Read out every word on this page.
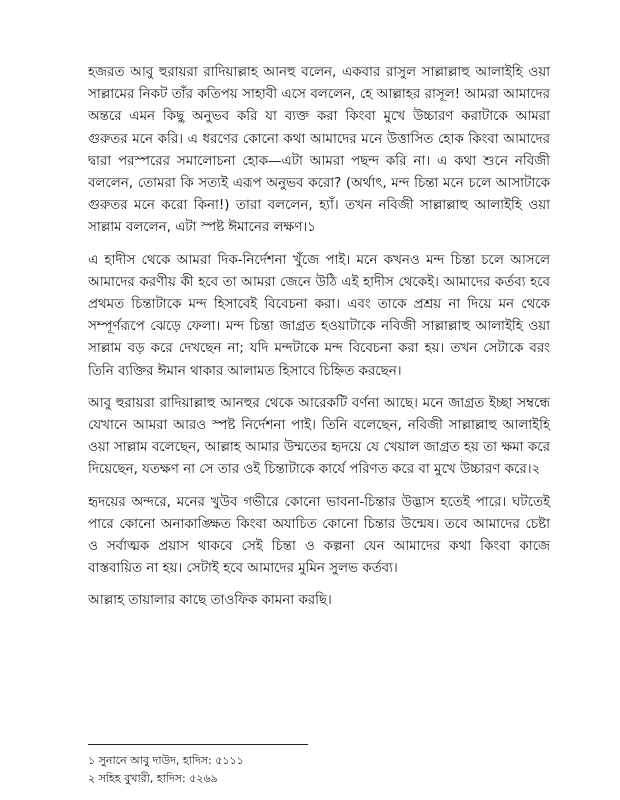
হজরত আবু হুরায়রা রাদিয়াল্লাহ আনহু বলেন, একবার রাসুল সাল্লাল্লাহু আলাইহি ওয়া সাল্লামের নিকট তাঁর কতিপয় সাহাবী এসে বললেন, হে আল্লাহর রাসূল! আমরা আমাদের অন্তরে এমন কিছু অনুভব করি যা ব্যক্ত করা কিংবা মুখে উচ্চারণ করাটাকে আমরা গুরুতর মনে করি। এ ধরণের কোনো কথা আমাদের মনে উত্তাসিত হোক কিংবা আমাদের দ্বারা পরস্পরের সমালোচনা হোক—এটা আমরা পছন্দ করি না। এ কথা শুনে নবিজী বললেন, তোমরা কি সত্যই এরূপ অনুভব করো? (অর্থাৎ, মন্দ চিন্তা মনে চলে আসাটাকে গুরুতর মনে করো কিনা!) তারা বললেন, হ্যাঁ। তখন নবিজী সাল্লাল্লাহু আলাইহি ওয়া সাল্লাম বললেন, এটা স্পষ্ট ঈমানের লক্ষণ।১

এ হাদীস থেকে আমরা দিক-নির্দেশনা খুঁজে পাই। মনে কখনও মন্দ চিন্তা চলে আসলে আমাদের করণীয় কী হবে তা আমরা জেনে উঠি এই হাদীস থেকেই। আমাদের কর্তব্য হবে প্রথমত চিন্তাটাকে মন্দ হিসাবেই বিবেচনা করা। এবং তাকে প্রশ্রয় না দিয়ে মন থেকে সম্পূর্ণরূপে ঝেড়ে ফেলা। মন্দ চিন্তা জাগ্রত হওয়াটাকে নবিজী সাল্লাল্লাহু আলাইহি ওয়া সাল্লাম বড় করে দেখছেন না; যদি মন্দটাকে মন্দ বিবেচনা করা হয়। তখন সেটাকে বরং তিনি ব্যক্তির ঈমান থাকার আলামত হিসাবে চিহ্নিত করছেন।

আবু হুরায়রা রাদিয়াল্লাহু আনহুর থেকে আরেকটি বর্ণনা আছে। মনে জাগ্রত ইচ্ছা সম্বন্ধে যেখানে আমরা আরও স্পষ্ট নির্দেশনা পাই। তিনি বলেছেন, নবিজী সাল্লাল্লাহু আলাইহি ওয়া সাল্লাম বলেছেন, আল্লাহ আমার উম্মতের হৃদয়ে যে খেয়াল জাগ্রত হয় তা ক্ষমা করে দিয়েছেন, যতক্ষণ না সে তার ওই চিন্তাটাকে কার্যে পরিণত করে বা মুখে উচ্চারণ করে।২

হৃদয়ের অন্দরে, মনের খুউব গভীরে কোনো ভাবনা-চিন্তার উদ্ভাস হতেই পারে। ঘটতেই পারে কোনো অনাকাঙ্ক্ষিত কিংবা অযাচিত কোনো চিন্তার উন্মেষ। তবে আমাদের চেষ্টা ও সর্বাত্মক প্রয়াস থাকবে সেই চিন্তা ও কল্পনা যেন আমাদের কথা কিংবা কাজে বাস্তবায়িত না হয়। সেটাই হবে আমাদের মুমিন সুলভ কর্তব্য।

আল্লাহ তায়ালার কাছে তাওফিক কামনা করছি।

১ সুনানে আবু দাউদ, হাদিস: ৫১১১

২ সহিহ বুখারী, হাদিস: ৫২৬৯
